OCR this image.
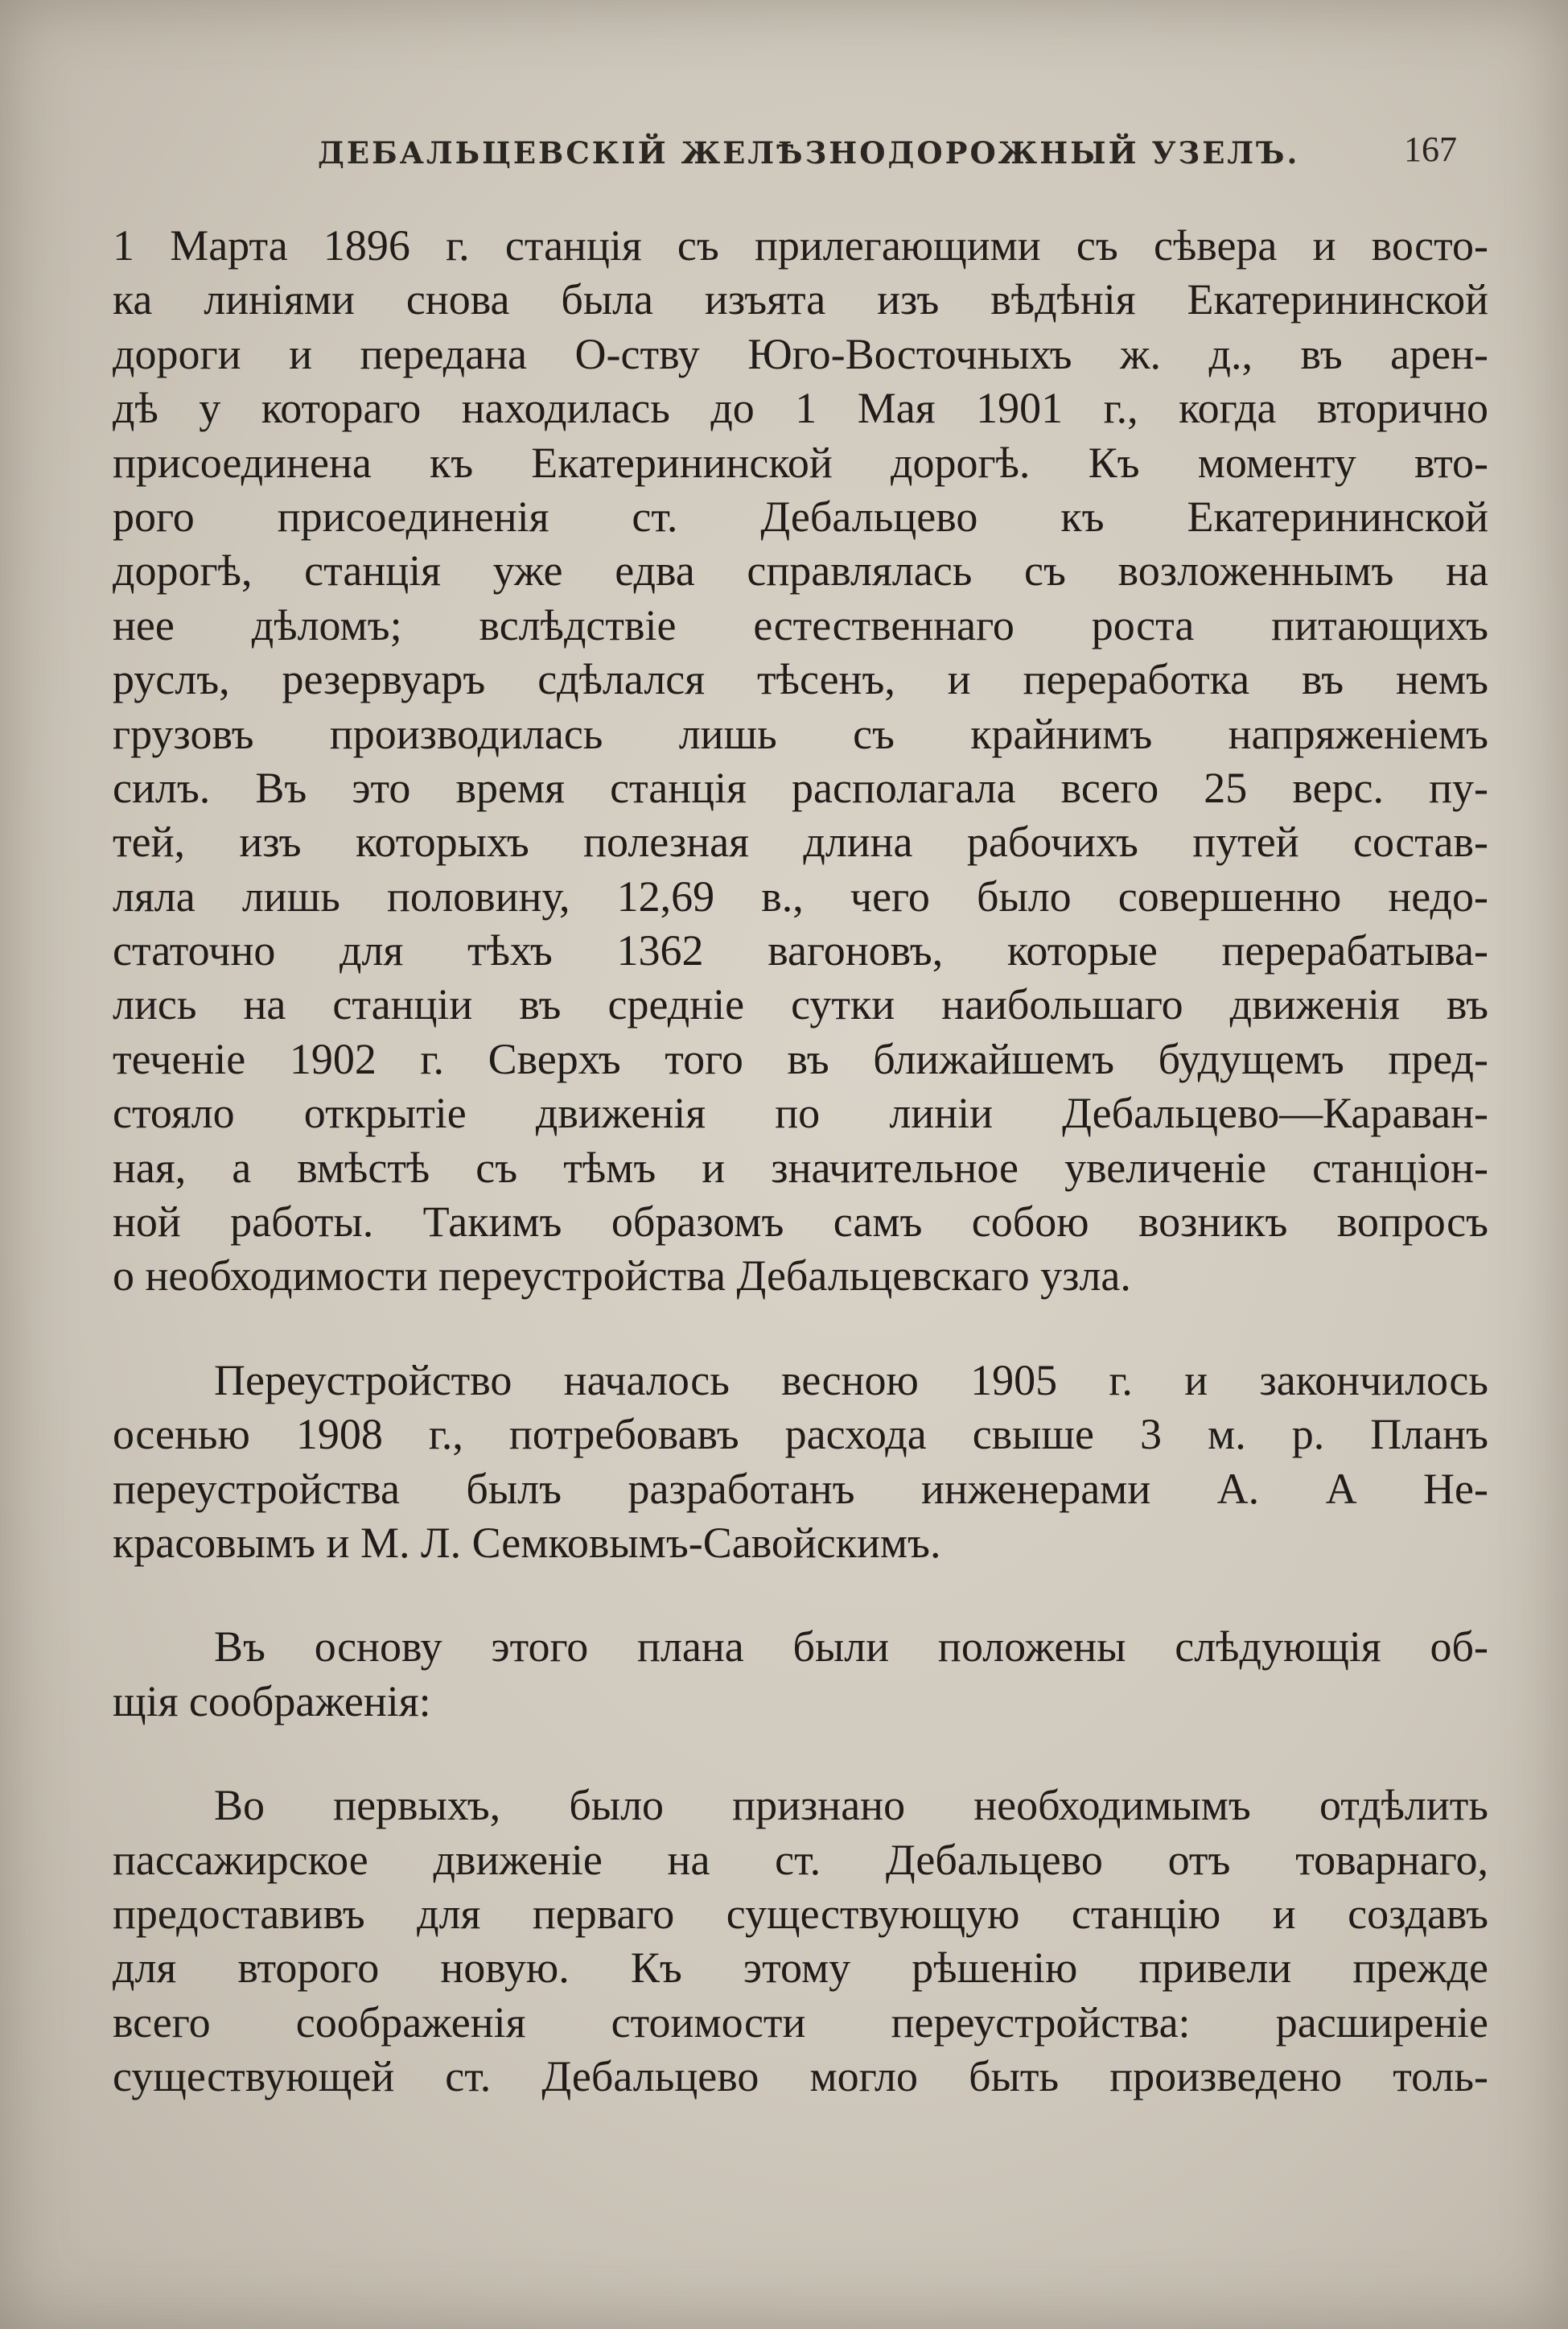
ДЕБАЛЬЦЕВСКІЙ ЖЕЛѢЗНОДОРОЖНЫЙ УЗЕЛЪ.	167
1 Марта 1896 г. станція съ прилегающими съ сѣвера и восто-
ка линіями снова была изъята изъ вѣдѣнія Екатерининской
дороги и передана О-ству Юго-Восточныхъ ж. д., въ арен-
дѣ у котораго находилась до 1 Мая 1901 г., когда вторично
присоединена къ Екатерининской дорогѣ. Къ моменту вто-
рого присоединенія ст. Дебальцево къ Екатерининской
дорогѣ, станція уже едва справлялась съ возложеннымъ на
нее дѣломъ; вслѣдствіе естественнаго роста питающихъ
руслъ, резервуаръ сдѣлался тѣсенъ, и переработка въ немъ
грузовъ производилась лишь съ крайнимъ напряженіемъ
силъ. Въ это время станція располагала всего 25 верс. пу-
тей, изъ которыхъ полезная длина рабочихъ путей состав-
ляла лишь половину, 12,69 в., чего было совершенно недо-
статочно для тѣхъ 1362 вагоновъ, которые перерабатыва-
лись на станціи въ средніе сутки наибольшаго движенія въ
теченіе 1902 г. Сверхъ того въ ближайшемъ будущемъ пред-
стояло открытіе движенія по линіи Дебальцево—Караван-
ная, а вмѣстѣ съ тѣмъ и значительное увеличеніе станціон-
ной работы. Такимъ образомъ самъ собою возникъ вопросъ
о необходимости переустройства Дебальцевскаго узла.
Переустройство началось весною 1905 г. и закончилось
осенью 1908 г., потребовавъ расхода свыше 3 м. р. Планъ
переустройства былъ разработанъ инженерами А. А Не-
красовымъ и М. Л. Семковымъ-Савойскимъ.
Въ основу этого плана были положены слѣдующія об-
щія соображенія:
Во первыхъ, было признано необходимымъ отдѣлить
пассажирское движеніе на ст. Дебальцево отъ товарнаго,
предоставивъ для перваго существующую станцію и создавъ
для второго новую. Къ этому рѣшенію привели прежде
всего соображенія стоимости переустройства: расширеніе
существующей ст. Дебальцево могло быть произведено толь-
